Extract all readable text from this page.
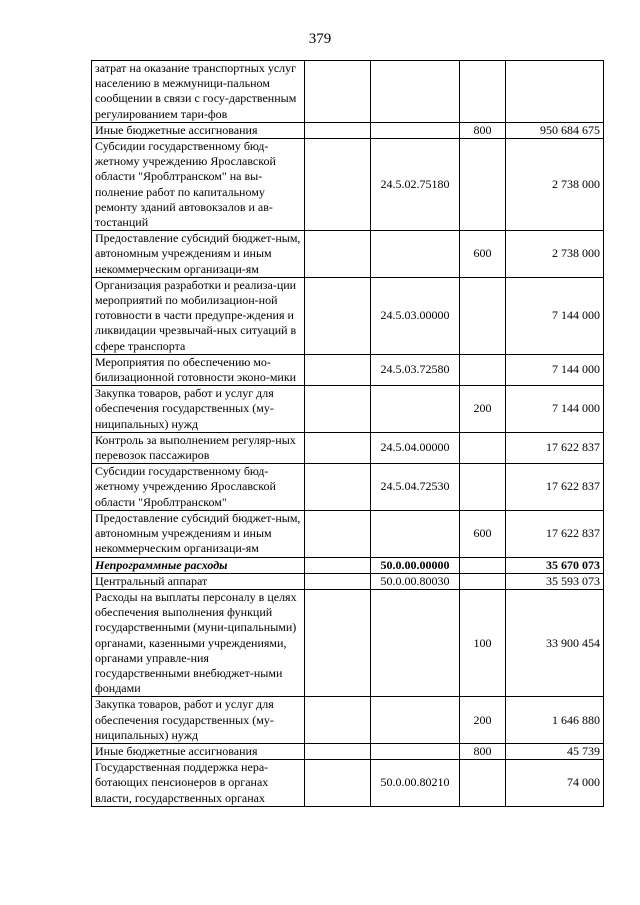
379
затрат на оказание транспортных услуг населению в межмуници-пальном сообщении в связи с госу-дарственным регулированием тари-фов				
Иные бюджетные ассигнования			800	950 684 675
Субсидии государственному бюд-жетному учреждению Ярославской области "Яроблтранском" на вы-полнение работ по капитальному ремонту зданий автовокзалов и ав-тостанций		24.5.02.75180		2 738 000
Предоставление субсидий бюджет-ным, автономным учреждениям и иным некоммерческим организаци-ям			600	2 738 000
Организация разработки и реализа-ции мероприятий по мобилизацион-ной готовности в части предупре-ждения и ликвидации чрезвычай-ных ситуаций в сфере транспорта		24.5.03.00000		7 144 000
Мероприятия по обеспечению мо-билизационной готовности эконо-мики		24.5.03.72580		7 144 000
Закупка товаров, работ и услуг для обеспечения государственных (му-ниципальных) нужд			200	7 144 000
Контроль за выполнением регуляр-ных перевозок пассажиров		24.5.04.00000		17 622 837
Субсидии государственному бюд-жетному учреждению Ярославской области "Яроблтранском"		24.5.04.72530		17 622 837
Предоставление субсидий бюджет-ным, автономным учреждениям и иным некоммерческим организаци-ям			600	17 622 837
Непрограммные расходы		50.0.00.00000		35 670 073
Центральный аппарат		50.0.00.80030		35 593 073
Расходы на выплаты персоналу в целях обеспечения выполнения функций государственными (муни-ципальными) органами, казенными учреждениями, органами управле-ния государственными внебюджет-ными фондами			100	33 900 454
Закупка товаров, работ и услуг для обеспечения государственных (му-ниципальных) нужд			200	1 646 880
Иные бюджетные ассигнования			800	45 739
Государственная поддержка нера-ботающих пенсионеров в органах власти, государственных органах		50.0.00.80210		74 000
